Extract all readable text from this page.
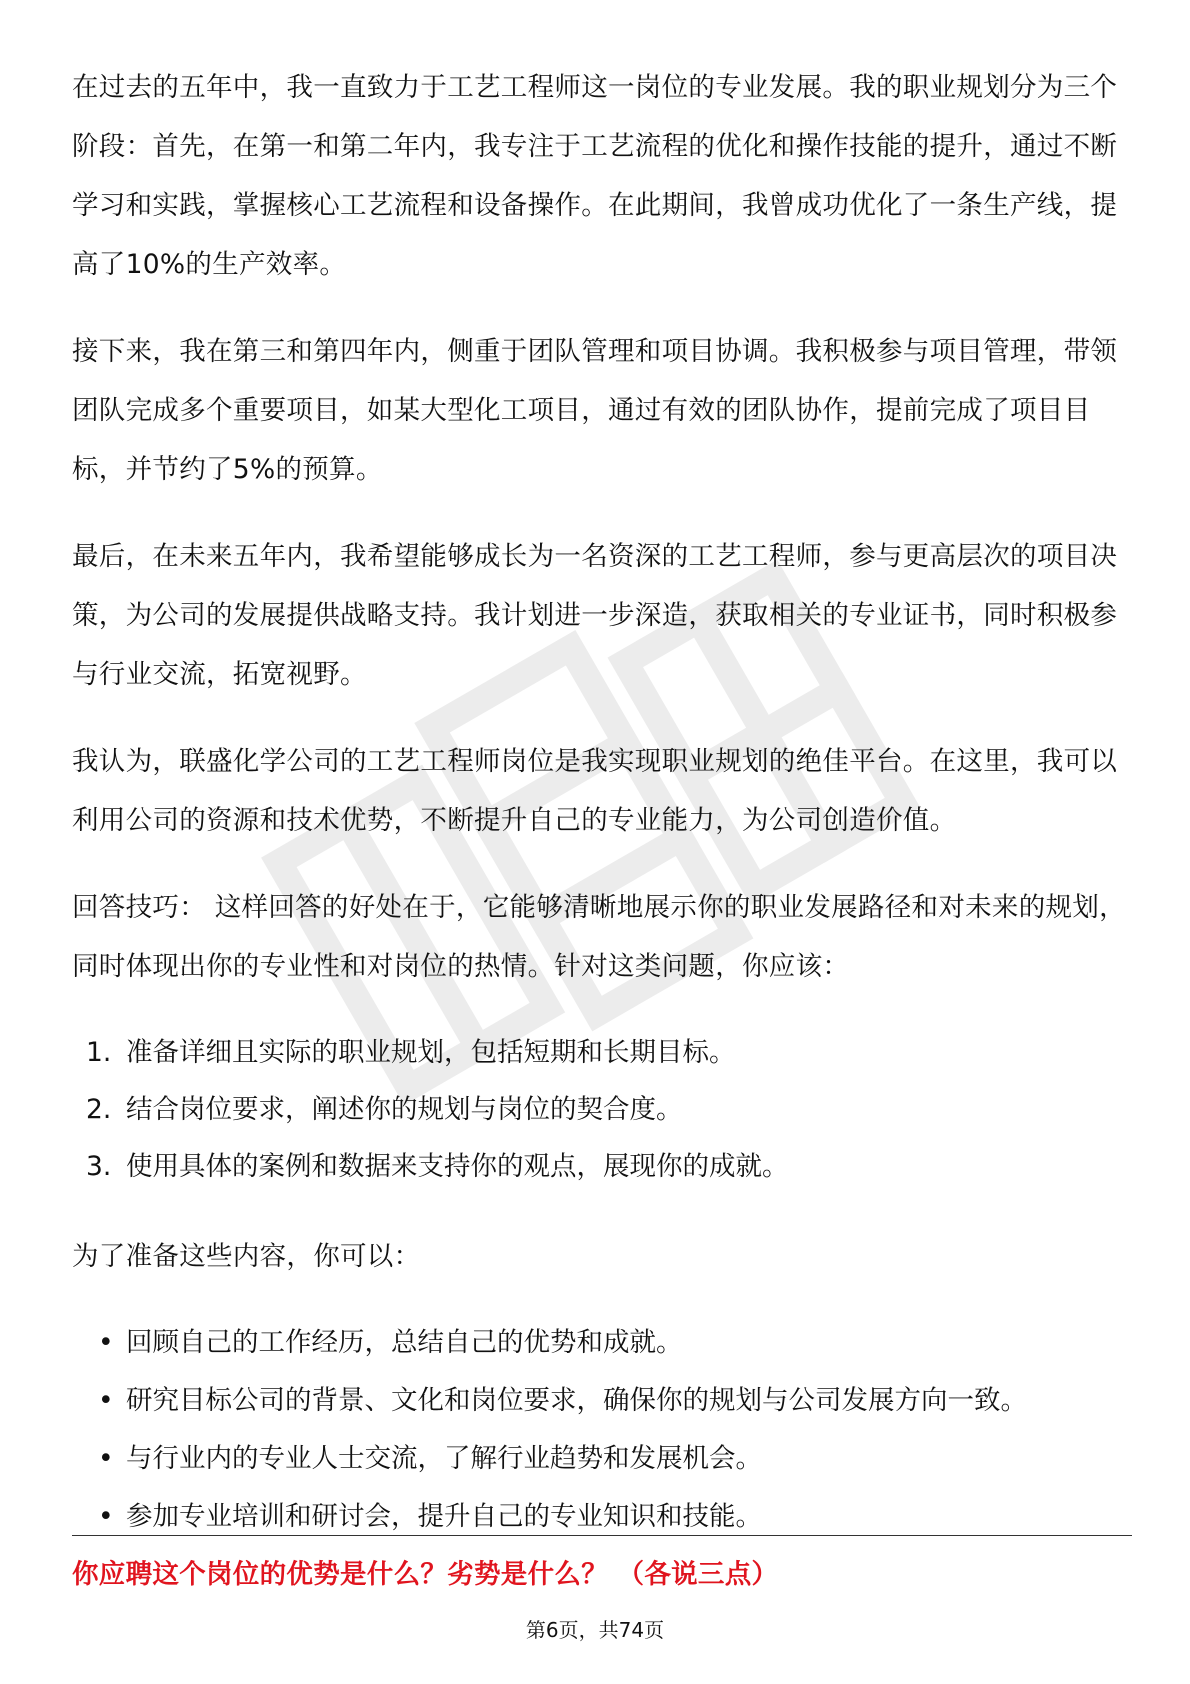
在过去的五年中，我一直致力于工艺工程师这一岗位的专业发展。我的职业规划分为三个阶段：首先，在第一和第二年内，我专注于工艺流程的优化和操作技能的提升，通过不断学习和实践，掌握核心工艺流程和设备操作。在此期间，我曾成功优化了一条生产线，提高了10%的生产效率。

接下来，我在第三和第四年内，侧重于团队管理和项目协调。我积极参与项目管理，带领团队完成多个重要项目，如某大型化工项目，通过有效的团队协作，提前完成了项目目标，并节约了5%的预算。

最后，在未来五年内，我希望能够成长为一名资深的工艺工程师，参与更高层次的项目决策，为公司的发展提供战略支持。我计划进一步深造，获取相关的专业证书，同时积极参与行业交流，拓宽视野。

我认为，联盛化学公司的工艺工程师岗位是我实现职业规划的绝佳平台。在这里，我可以利用公司的资源和技术优势，不断提升自己的专业能力，为公司创造价值。

回答技巧： 这样回答的好处在于，它能够清晰地展示你的职业发展路径和对未来的规划，同时体现出你的专业性和对岗位的热情。针对这类问题，你应该：

1. 准备详细且实际的职业规划，包括短期和长期目标。
2. 结合岗位要求，阐述你的规划与岗位的契合度。
3. 使用具体的案例和数据来支持你的观点，展现你的成就。

为了准备这些内容，你可以：

• 回顾自己的工作经历，总结自己的优势和成就。
• 研究目标公司的背景、文化和岗位要求，确保你的规划与公司发展方向一致。
• 与行业内的专业人士交流，了解行业趋势和发展机会。
• 参加专业培训和研讨会，提升自己的专业知识和技能。
你应聘这个岗位的优势是什么？劣势是什么？ （各说三点）
第6页，共74页
